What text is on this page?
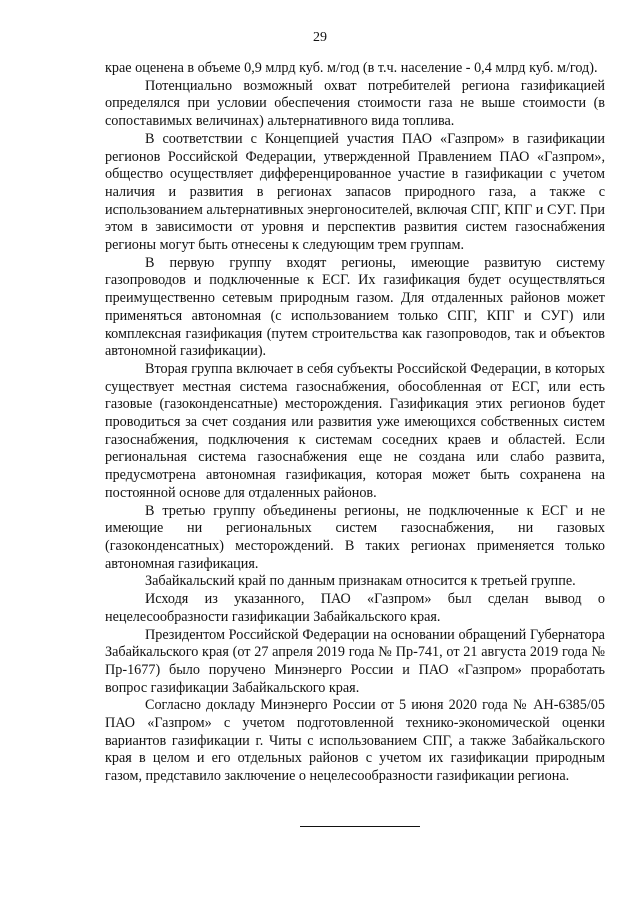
29

крае оценена в объеме 0,9 млрд куб. м/год (в т.ч. население - 0,4 млрд куб. м/год).

Потенциально возможный охват потребителей региона газификацией определялся при условии обеспечения стоимости газа не выше стоимости (в сопоставимых величинах) альтернативного вида топлива.

В соответствии с Концепцией участия ПАО «Газпром» в газификации регионов Российской Федерации, утвержденной Правлением ПАО «Газпром», общество осуществляет дифференцированное участие в газификации с учетом наличия и развития в регионах запасов природного газа, а также с использованием альтернативных энергоносителей, включая СПГ, КПГ и СУГ. При этом в зависимости от уровня и перспектив развития систем газоснабжения регионы могут быть отнесены к следующим трем группам.

В первую группу входят регионы, имеющие развитую систему газопроводов и подключенные к ЕСГ. Их газификация будет осуществляться преимущественно сетевым природным газом. Для отдаленных районов может применяться автономная (с использованием только СПГ, КПГ и СУГ) или комплексная газификация (путем строительства как газопроводов, так и объектов автономной газификации).

Вторая группа включает в себя субъекты Российской Федерации, в которых существует местная система газоснабжения, обособленная от ЕСГ, или есть газовые (газоконденсатные) месторождения. Газификация этих регионов будет проводиться за счет создания или развития уже имеющихся собственных систем газоснабжения, подключения к системам соседних краев и областей. Если региональная система газоснабжения еще не создана или слабо развита, предусмотрена автономная газификация, которая может быть сохранена на постоянной основе для отдаленных районов.

В третью группу объединены регионы, не подключенные к ЕСГ и не имеющие ни региональных систем газоснабжения, ни газовых (газоконденсатных) месторождений. В таких регионах применяется только автономная газификация.

Забайкальский край по данным признакам относится к третьей группе.

Исходя из указанного, ПАО «Газпром» был сделан вывод о нецелесообразности газификации Забайкальского края.

Президентом Российской Федерации на основании обращений Губернатора Забайкальского края (от 27 апреля 2019 года № Пр-741, от 21 августа 2019 года № Пр-1677) было поручено Минэнерго России и ПАО «Газпром» проработать вопрос газификации Забайкальского края.

Согласно докладу Минэнерго России от 5 июня 2020 года № АН-6385/05 ПАО «Газпром» с учетом подготовленной технико-экономической оценки вариантов газификации г. Читы с использованием СПГ, а также Забайкальского края в целом и его отдельных районов с учетом их газификации природным газом, представило заключение о нецелесообразности газификации региона.
